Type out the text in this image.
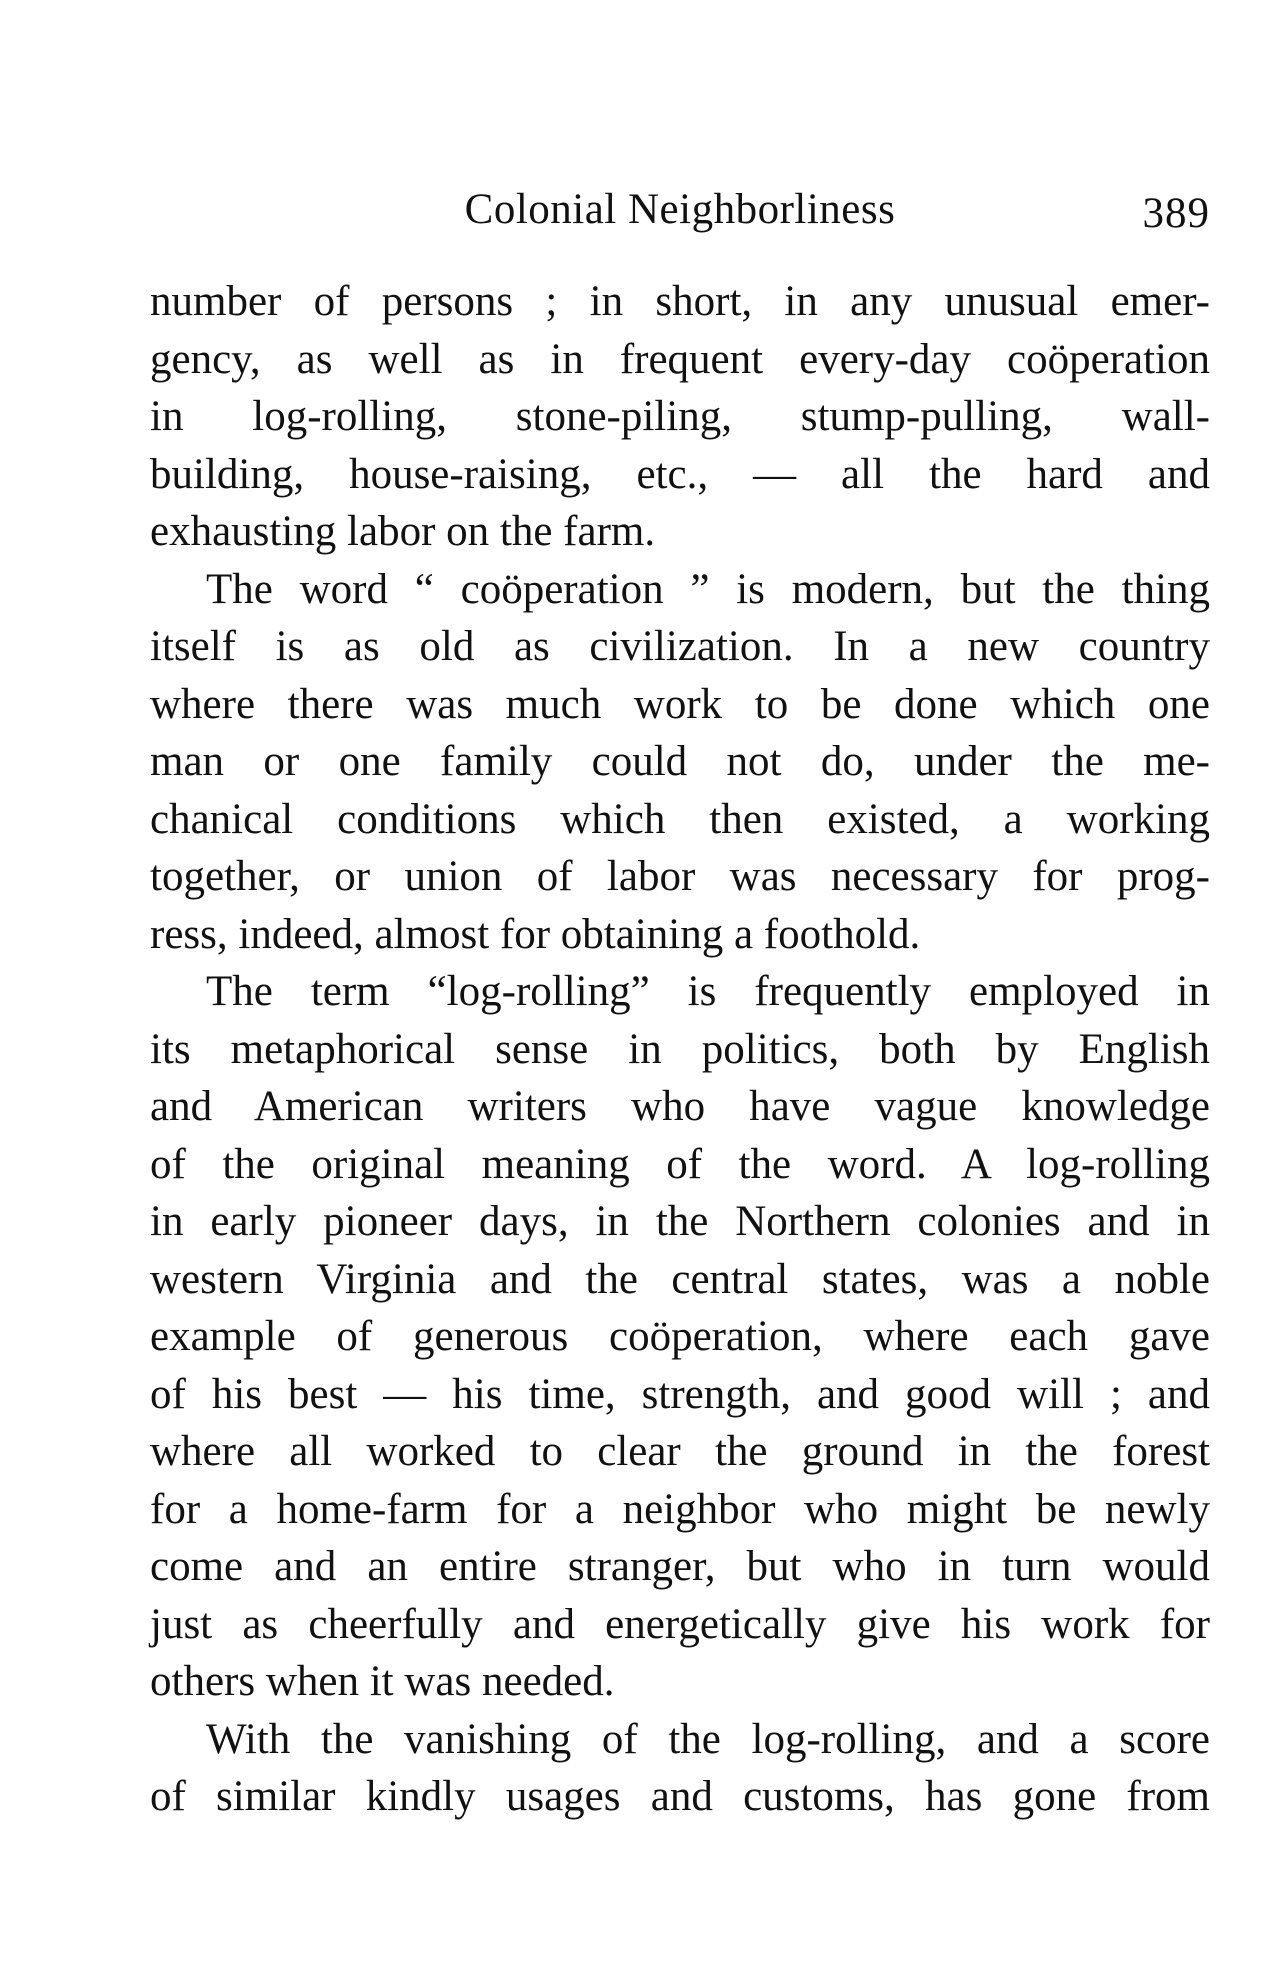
Colonial Neighborliness	389
number of persons ; in short, in any unusual emer-
gency, as well as in frequent every-day coöperation
in log-rolling, stone-piling, stump-pulling, wall-
building, house-raising, etc., — all the hard and
exhausting labor on the farm.
The word “ coöperation ” is modern, but the thing
itself is as old as civilization. In a new country
where there was much work to be done which one
man or one family could not do, under the me-
chanical conditions which then existed, a working
together, or union of labor was necessary for prog-
ress, indeed, almost for obtaining a foothold.
The term “log-rolling” is frequently employed in
its metaphorical sense in politics, both by English
and American writers who have vague knowledge
of the original meaning of the word. A log-rolling
in early pioneer days, in the Northern colonies and in
western Virginia and the central states, was a noble
example of generous coöperation, where each gave
of his best — his time, strength, and good will ; and
where all worked to clear the ground in the forest
for a home-farm for a neighbor who might be newly
come and an entire stranger, but who in turn would
just as cheerfully and energetically give his work for
others when it was needed.
With the vanishing of the log-rolling, and a score
of similar kindly usages and customs, has gone from
